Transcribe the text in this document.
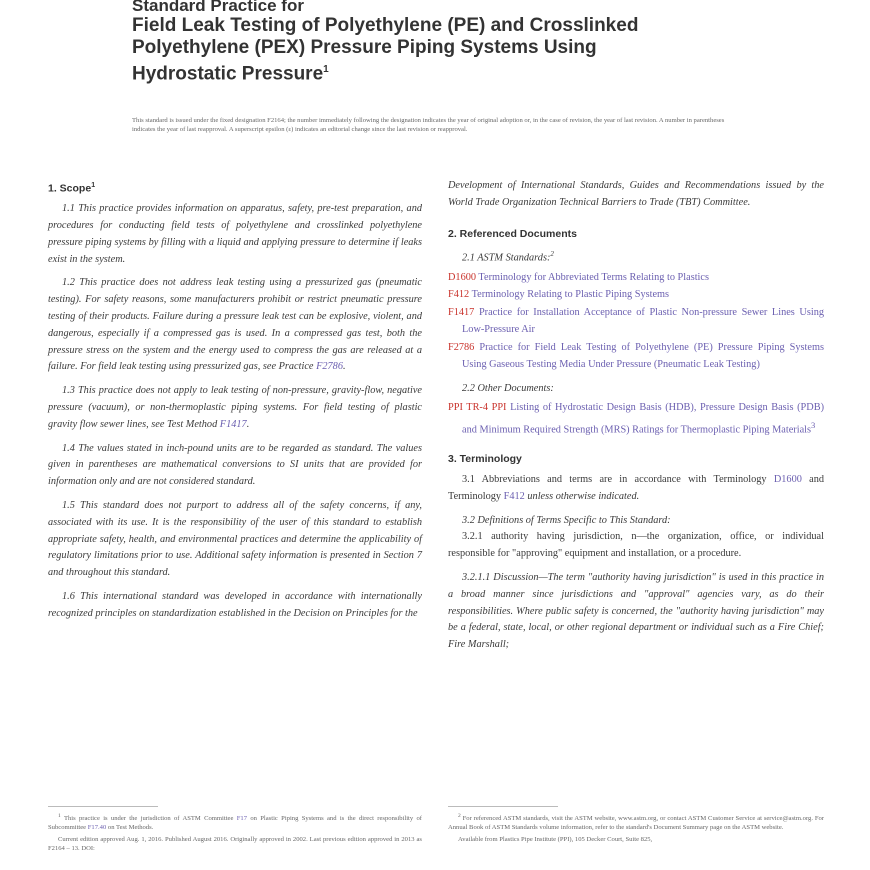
Standard Practice for
Field Leak Testing of Polyethylene (PE) and Crosslinked
Polyethylene (PEX) Pressure Piping Systems Using
Hydrostatic Pressure$^1$
This standard is issued under the fixed designation F2164; the number immediately following the designation indicates the year of original adoption or, in the case of revision, the year of last revision. A number in parentheses indicates the year of last reapproval. A superscript epsilon (ε) indicates an editorial change since the last revision or reapproval.
1. Scope$^1$

1.1 This practice provides information on apparatus, safety, pre-test preparation, and procedures for conducting field tests of polyethylene and crosslinked polyethylene pressure piping systems by filling with a liquid and applying pressure to determine if leaks exist in the system.

1.2 This practice does not address leak testing using a pressurized gas (pneumatic testing). For safety reasons, some manufacturers prohibit or restrict pneumatic pressure testing of their products. Failure during a pressure leak test can be explosive, violent, and dangerous, especially if a compressed gas is used. In a compressed gas test, both the pressure stress on the system and the energy used to compress the gas are released at a failure. For field leak testing using pressurized gas, see Practice F2786.

1.3 This practice does not apply to leak testing of non-pressure, gravity-flow, negative pressure (vacuum), or non-thermoplastic piping systems. For field testing of plastic gravity flow sewer lines, see Test Method F1417.

1.4 The values stated in inch-pound units are to be regarded as standard. The values given in parentheses are mathematical conversions to SI units that are provided for information only and are not considered standard.

1.5 This standard does not purport to address all of the safety concerns, if any, associated with its use. It is the responsibility of the user of this standard to establish appropriate safety, health, and environmental practices and determine the applicability of regulatory limitations prior to use. Additional safety information is presented in Section 7 and throughout this standard.

1.6 This international standard was developed in accordance with internationally recognized principles on standardization established in the Decision on Principles for the

Development of International Standards, Guides and Recommendations issued by the World Trade Organization Technical Barriers to Trade (TBT) Committee.

2. Referenced Documents
2.1 ASTM Standards:$^2$
D1600 Terminology for Abbreviated Terms Relating to Plastics
F412 Terminology Relating to Plastic Piping Systems
F1417 Practice for Installation Acceptance of Plastic Non-pressure Sewer Lines Using Low-Pressure Air
F2786 Practice for Field Leak Testing of Polyethylene (PE) Pressure Piping Systems Using Gaseous Testing Media Under Pressure (Pneumatic Leak Testing)
2.2 Other Documents:
PPI TR-4 PPI Listing of Hydrostatic Design Basis (HDB), Pressure Design Basis (PDB) and Minimum Required Strength (MRS) Ratings for Thermoplastic Piping Materials$^3$
3. Terminology

3.1 Abbreviations and terms are in accordance with Terminology D1600 and Terminology F412 unless otherwise indicated.

3.2 Definitions of Terms Specific to This Standard:

3.2.1 authority having jurisdiction, n—the organization, office, or individual responsible for "approving" equipment and installation, or a procedure.

3.2.1.1 Discussion—The term "authority having jurisdiction" is used in this practice in a broad manner since jurisdictions and "approval" agencies vary, as do their responsibilities. Where public safety is concerned, the "authority having jurisdiction" may be a federal, state, local, or other regional department or individual such as a Fire Chief; Fire Marshall;

$^1$ This practice is under the jurisdiction of ASTM Committee F17 on Plastic Piping Systems and is the direct responsibility of Subcommittee F17.40 on Test Methods.

Current edition approved Aug. 1, 2016. Published August 2016. Originally approved in 2002. Last previous edition approved in 2013 as F2164 – 13. DOI:

$^2$ For referenced ASTM standards, visit the ASTM website, www.astm.org, or contact ASTM Customer Service at service@astm.org. For Annual Book of ASTM Standards volume information, refer to the standard's Document Summary page on the ASTM website.

Available from Plastics Pipe Institute (PPI), 105 Decker Court, Suite 825,
